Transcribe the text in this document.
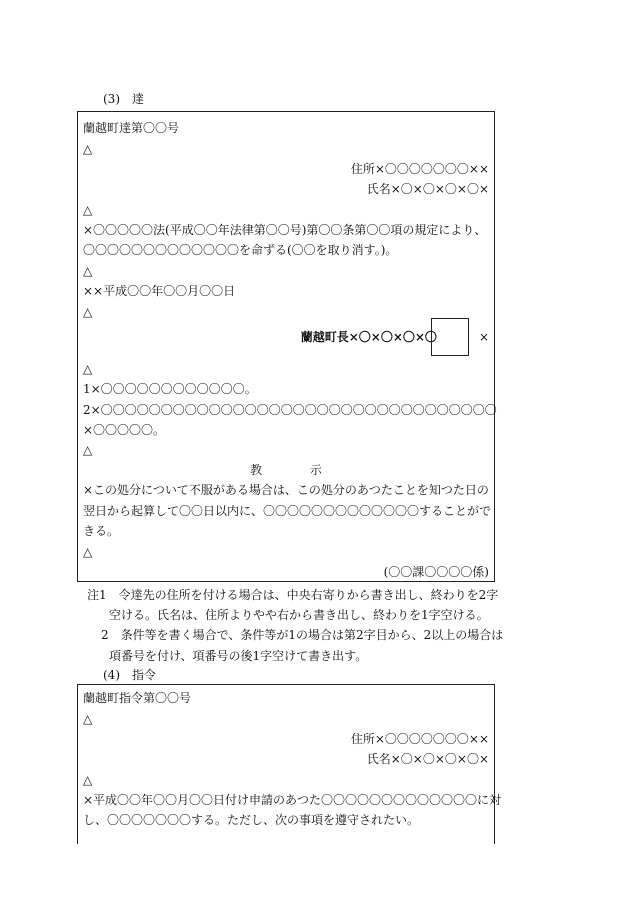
(3)　達
蘭越町達第〇〇号
△
住所×〇〇〇〇〇〇〇××
氏名×〇×〇×〇×〇×
△
×〇〇〇〇〇法(平成〇〇年法律第〇〇号)第〇〇条第〇〇項の規定により、
〇〇〇〇〇〇〇〇〇〇〇〇〇を命ずる(〇〇を取り消す。)。
△
××平成〇〇年〇〇月〇〇日
△
蘭越町長×〇×〇×〇×〇	×
△
1×〇〇〇〇〇〇〇〇〇〇〇〇。
2×〇〇〇〇〇〇〇〇〇〇〇〇〇〇〇〇〇〇〇〇〇〇〇〇〇〇〇〇〇〇〇〇〇
×〇〇〇〇〇。
△
教	示
×この処分について不服がある場合は、この処分のあつたことを知つた日の
翌日から起算して〇〇日以内に、〇〇〇〇〇〇〇〇〇〇〇〇〇することがで
きる。
△
(〇〇課〇〇〇〇係)
注1　令達先の住所を付ける場合は、中央右寄りから書き出し、終わりを2字
空ける。氏名は、住所よりやや右から書き出し、終わりを1字空ける。
2　条件等を書く場合で、条件等が1の場合は第2字目から、2以上の場合は
項番号を付け、項番号の後1字空けて書き出す。
(4)　指令
蘭越町指令第〇〇号
△
住所×〇〇〇〇〇〇〇××
氏名×〇×〇×〇×〇×
△
×平成〇〇年〇〇月〇〇日付け申請のあつた〇〇〇〇〇〇〇〇〇〇〇〇〇に対
し、〇〇〇〇〇〇〇する。ただし、次の事項を遵守されたい。
